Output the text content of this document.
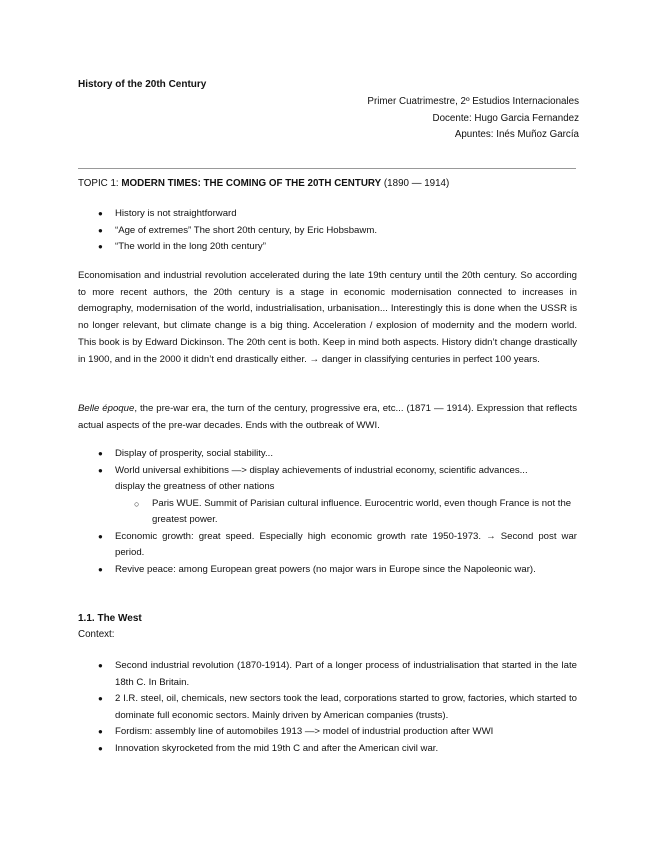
History of the 20th Century
Primer Cuatrimestre, 2º Estudios Internacionales
Docente: Hugo Garcia Fernandez
Apuntes: Inés Muñoz García
TOPIC 1: MODERN TIMES: THE COMING OF THE 20TH CENTURY (1890 — 1914)
● History is not straightforward
● “Age of extremes” The short 20th century, by Eric Hobsbawm.
● “The world in the long 20th century”
Economisation and industrial revolution accelerated during the late 19th century until the 20th century. So according to more recent authors, the 20th century is a stage in economic modernisation connected to increases in demography, modernisation of the world, industrialisation, urbanisation... Interestingly this is done when the USSR is no longer relevant, but climate change is a big thing. Acceleration / explosion of modernity and the modern world. This book is by Edward Dickinson. The 20th cent is both. Keep in mind both aspects. History didn’t change drastically in 1900, and in the 2000 it didn’t end drastically either. → danger in classifying centuries in perfect 100 years.
Belle époque, the pre-war era, the turn of the century, progressive era, etc... (1871 — 1914). Expression that reflects actual aspects of the pre-war decades. Ends with the outbreak of WWI.
● Display of prosperity, social stability...
● World universal exhibitions —> display achievements of industrial economy, scientific advances... display the greatness of other nations
○ Paris WUE. Summit of Parisian cultural influence. Eurocentric world, even though France is not the greatest power.
● Economic growth: great speed. Especially high economic growth rate 1950-1973. → Second post war period.
● Revive peace: among European great powers (no major wars in Europe since the Napoleonic war).
1.1. The West
Context:
● Second industrial revolution (1870-1914). Part of a longer process of industrialisation that started in the late 18th C. In Britain.
● 2 I.R. steel, oil, chemicals, new sectors took the lead, corporations started to grow, factories, which started to dominate full economic sectors. Mainly driven by American companies (trusts).
● Fordism: assembly line of automobiles 1913 —> model of industrial production after WWI
● Innovation skyrocketed from the mid 19th C and after the American civil war.
